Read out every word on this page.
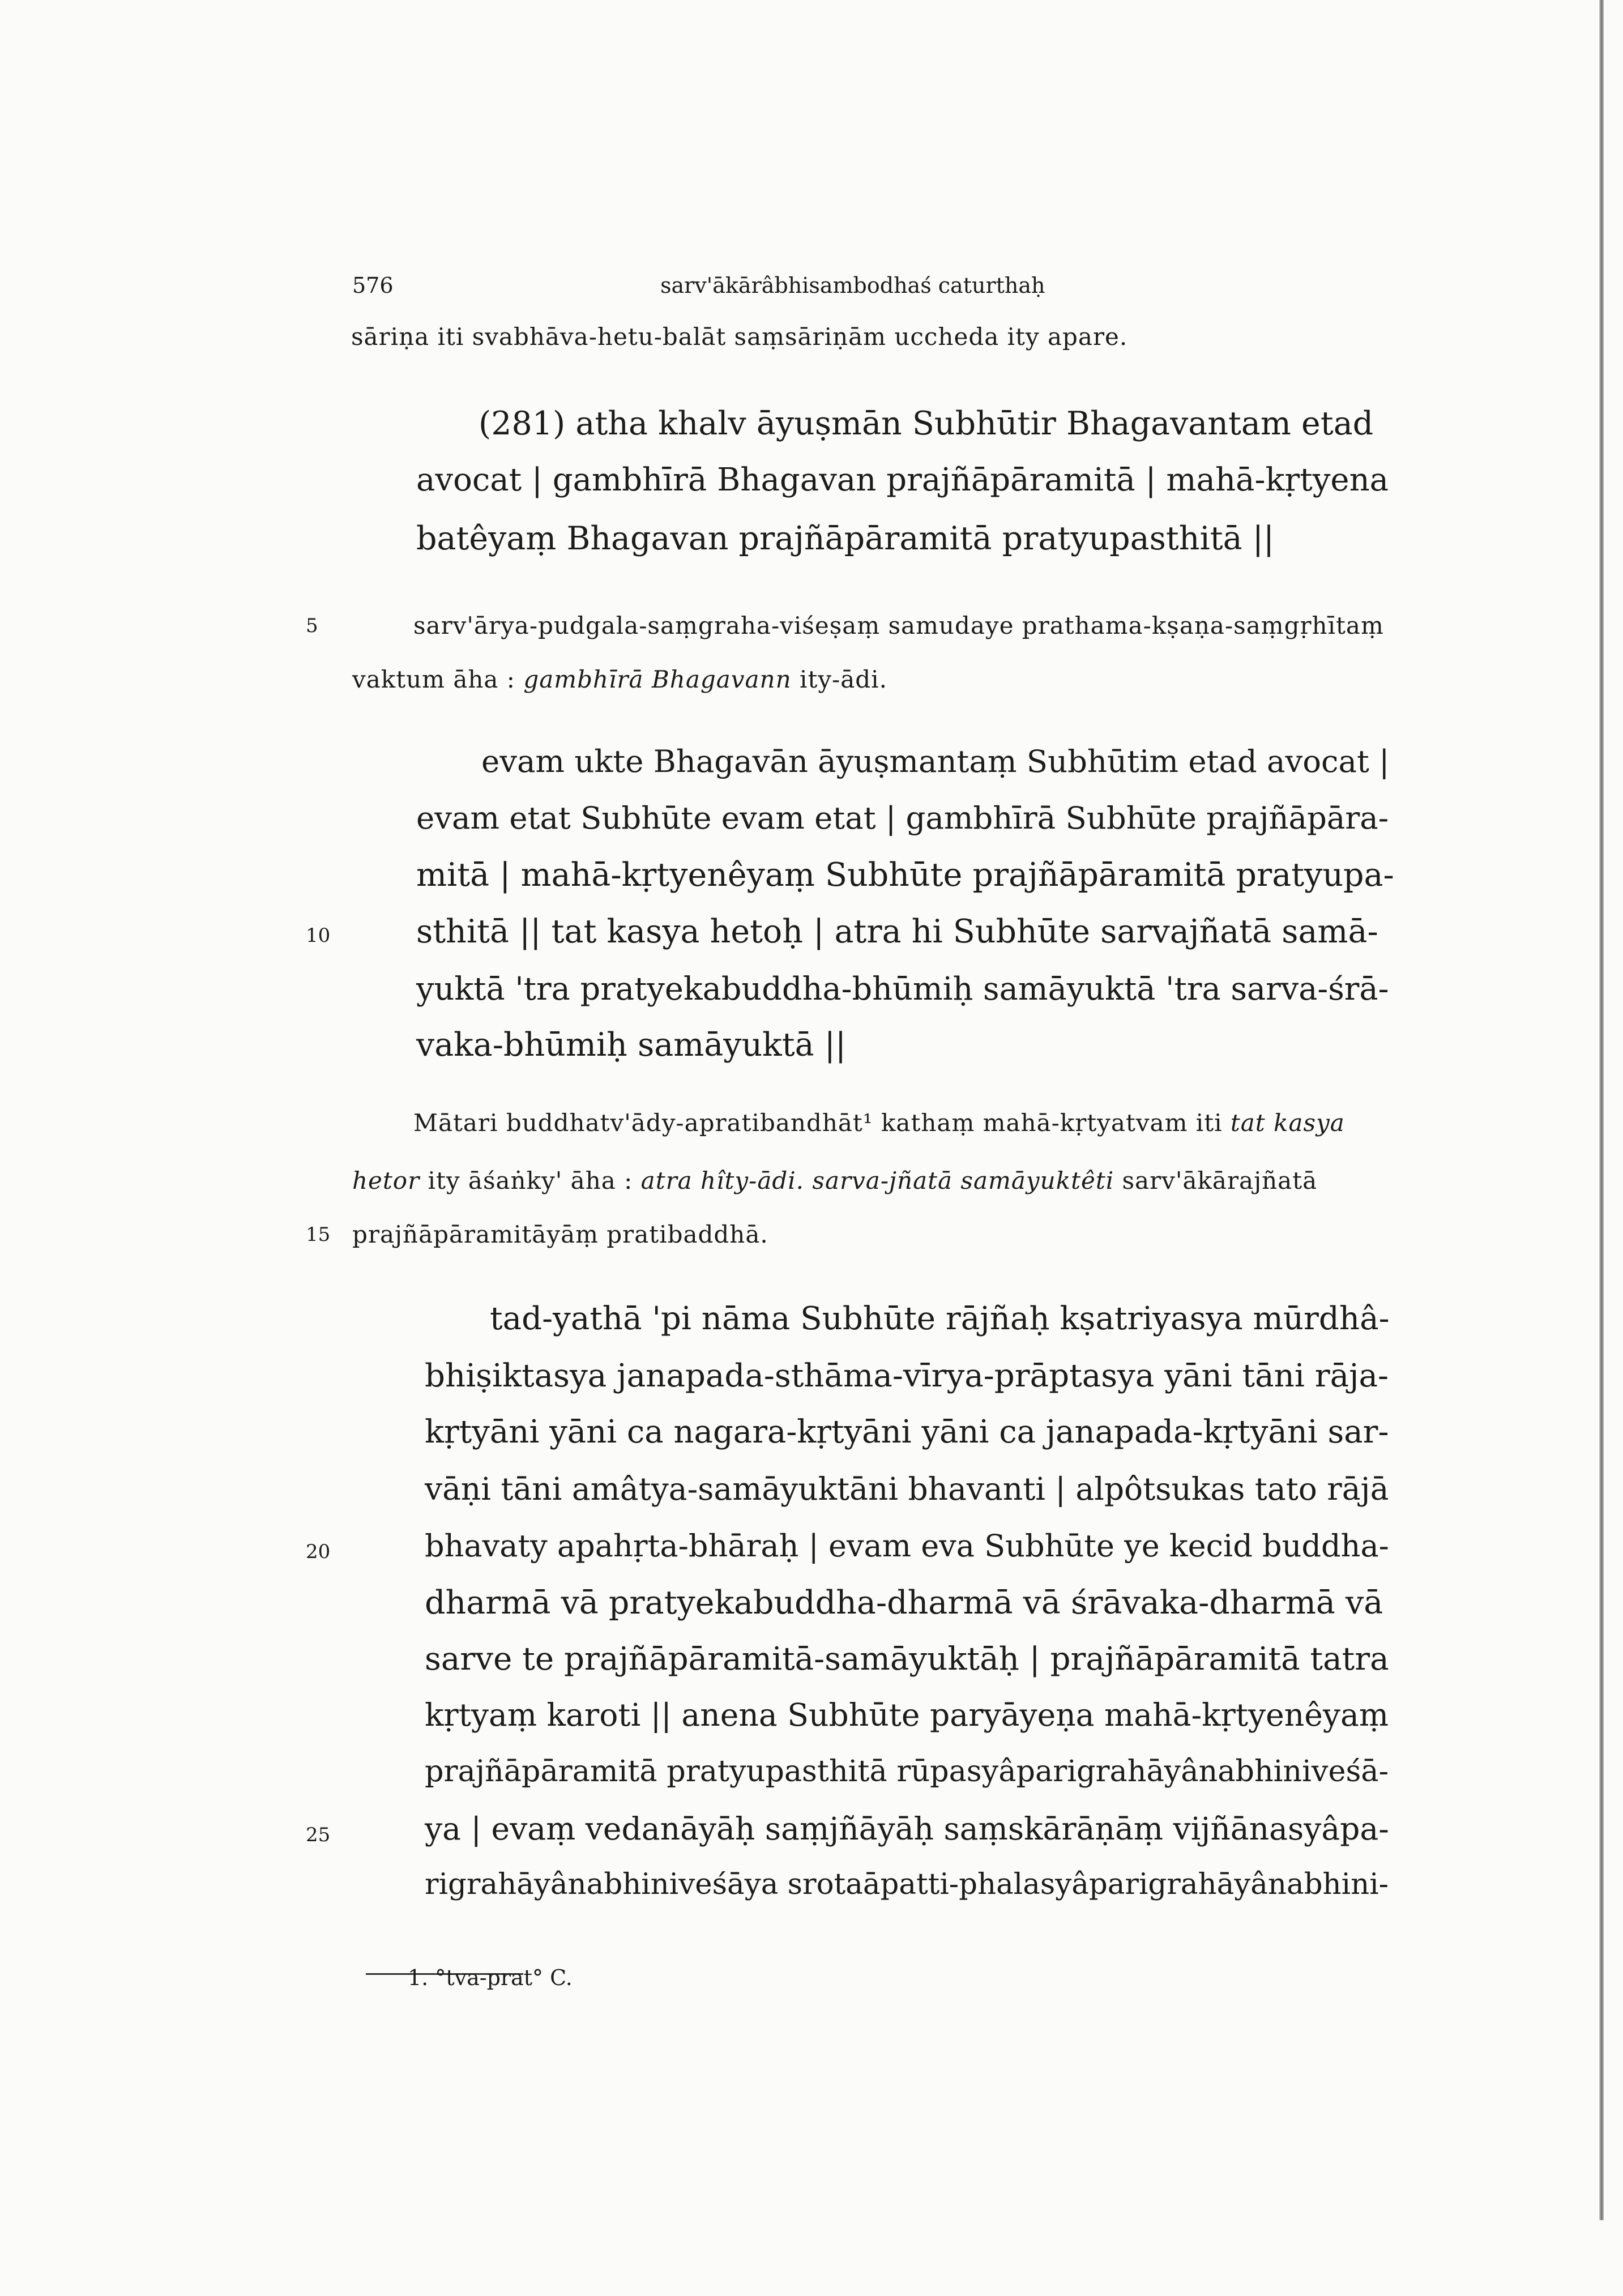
576	sarv'ākārâbhisambodhaś caturthaḥ
sāriṇa iti svabhāva-hetu-balāt saṃsāriṇām uccheda ity apare.
(281) atha khalv āyuṣmān Subhūtir Bhagavantam etad
avocat | gambhīrā Bhagavan prajñāpāramitā | mahā-kṛtyena
batêyaṃ Bhagavan prajñāpāramitā pratyupasthitā ||
5	sarv'ārya-pudgala-saṃgraha-viśeṣaṃ samudaye prathama-kṣaṇa-saṃgṛhītaṃ
vaktum āha : gambhīrā Bhagavann ity-ādi.
evam ukte Bhagavān āyuṣmantaṃ Subhūtim etad avocat |
evam etat Subhūte evam etat | gambhīrā Subhūte prajñāpāra-
mitā | mahā-kṛtyenêyaṃ Subhūte prajñāpāramitā pratyupa-
10	sthitā || tat kasya hetoḥ | atra hi Subhūte sarvajñatā samā-
yuktā 'tra pratyekabuddha-bhūmiḥ samāyuktā 'tra sarva-śrā-
vaka-bhūmiḥ samāyuktā ||
Mātari buddhatv'ādy-apratibandhāt¹ kathaṃ mahā-kṛtyatvam iti tat kasya
hetor ity āśaṅky' āha : atra hîty-ādi. sarva-jñatā samāyuktêti sarv'ākārajñatā
15 prajñāpāramitāyāṃ pratibaddhā.
tad-yathā 'pi nāma Subhūte rājñaḥ kṣatriyasya mūrdhâ-
bhiṣiktasya janapada-sthāma-vīrya-prāptasya yāni tāni rāja-
kṛtyāni yāni ca nagara-kṛtyāni yāni ca janapada-kṛtyāni sar-
vāṇi tāni amâtya-samāyuktāni bhavanti | alpôtsukas tato rājā
20	bhavaty apahṛta-bhāraḥ | evam eva Subhūte ye kecid buddha-
dharmā vā pratyekabuddha-dharmā vā śrāvaka-dharmā vā
sarve te prajñāpāramitā-samāyuktāḥ | prajñāpāramitā tatra
kṛtyaṃ karoti || anena Subhūte paryāyeṇa mahā-kṛtyenêyaṃ
prajñāpāramitā pratyupasthitā rūpasyâparigrahāyânabhiniveśā-
25	ya | evaṃ vedanāyāḥ saṃjñāyāḥ saṃskārāṇāṃ vijñānasyâpa-
rigrahāyânabhiniveśāya srotaāpatti-phalasyâparigrahāyânabhini-
1. °tva-prat° C.
